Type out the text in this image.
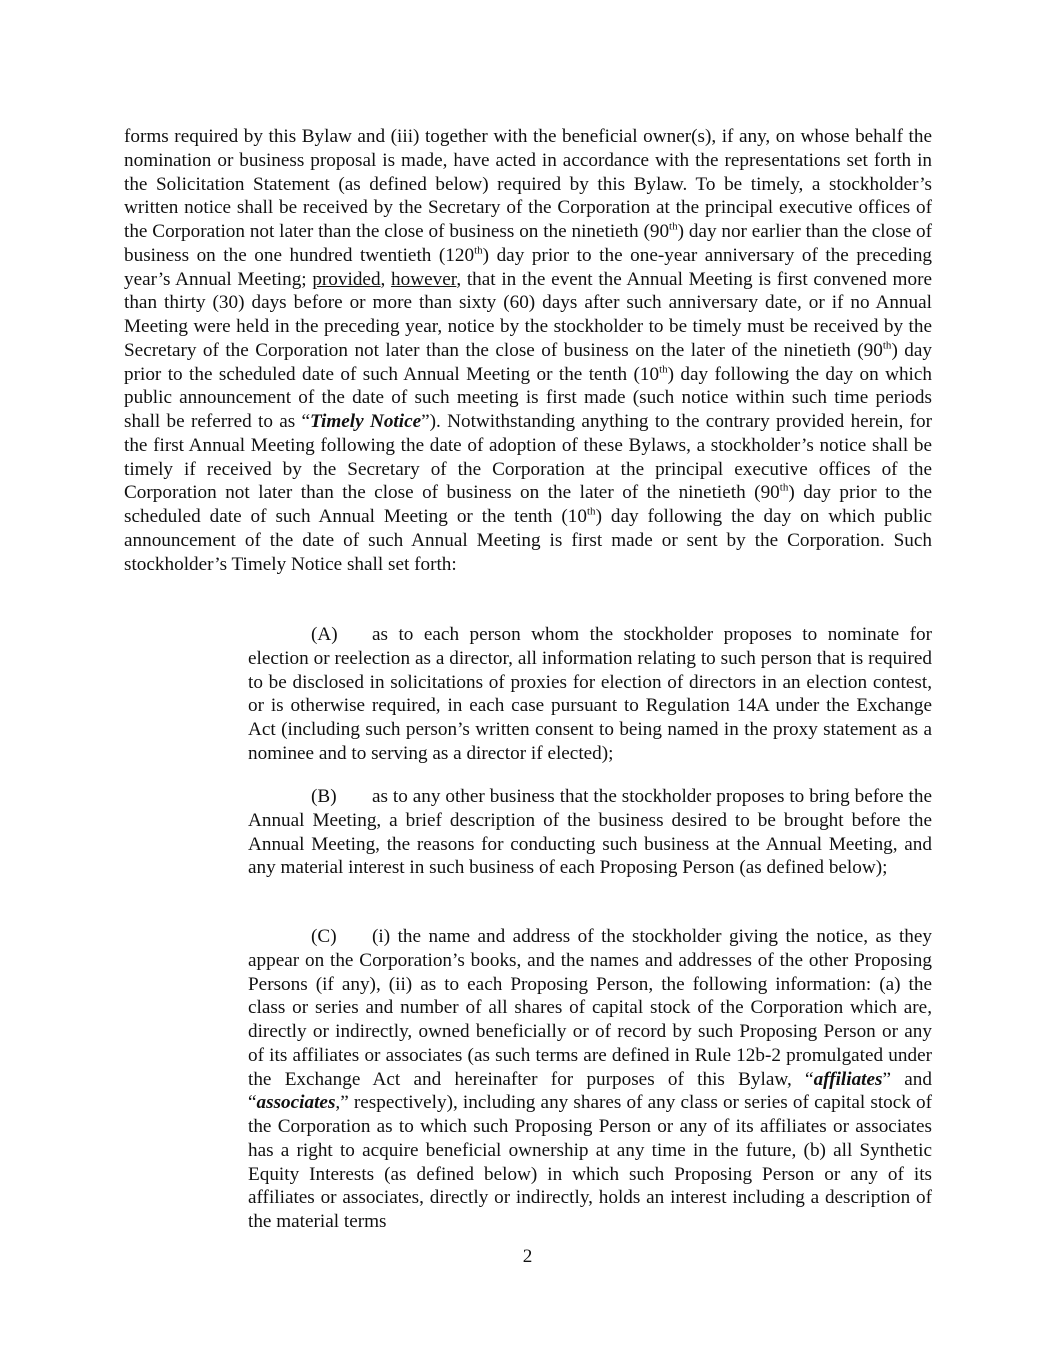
forms required by this Bylaw and (iii) together with the beneficial owner(s), if any, on whose behalf the nomination or business proposal is made, have acted in accordance with the representations set forth in the Solicitation Statement (as defined below) required by this Bylaw. To be timely, a stockholder’s written notice shall be received by the Secretary of the Corporation at the principal executive offices of the Corporation not later than the close of business on the ninetieth (90th) day nor earlier than the close of business on the one hundred twentieth (120th) day prior to the one-year anniversary of the preceding year’s Annual Meeting; provided, however, that in the event the Annual Meeting is first convened more than thirty (30) days before or more than sixty (60) days after such anniversary date, or if no Annual Meeting were held in the preceding year, notice by the stockholder to be timely must be received by the Secretary of the Corporation not later than the close of business on the later of the ninetieth (90th) day prior to the scheduled date of such Annual Meeting or the tenth (10th) day following the day on which public announcement of the date of such meeting is first made (such notice within such time periods shall be referred to as “Timely Notice”). Notwithstanding anything to the contrary provided herein, for the first Annual Meeting following the date of adoption of these Bylaws, a stockholder’s notice shall be timely if received by the Secretary of the Corporation at the principal executive offices of the Corporation not later than the close of business on the later of the ninetieth (90th) day prior to the scheduled date of such Annual Meeting or the tenth (10th) day following the day on which public announcement of the date of such Annual Meeting is first made or sent by the Corporation. Such stockholder’s Timely Notice shall set forth:

(A) as to each person whom the stockholder proposes to nominate for election or reelection as a director, all information relating to such person that is required to be disclosed in solicitations of proxies for election of directors in an election contest, or is otherwise required, in each case pursuant to Regulation 14A under the Exchange Act (including such person’s written consent to being named in the proxy statement as a nominee and to serving as a director if elected);

(B) as to any other business that the stockholder proposes to bring before the Annual Meeting, a brief description of the business desired to be brought before the Annual Meeting, the reasons for conducting such business at the Annual Meeting, and any material interest in such business of each Proposing Person (as defined below);

(C) (i) the name and address of the stockholder giving the notice, as they appear on the Corporation’s books, and the names and addresses of the other Proposing Persons (if any), (ii) as to each Proposing Person, the following information: (a) the class or series and number of all shares of capital stock of the Corporation which are, directly or indirectly, owned beneficially or of record by such Proposing Person or any of its affiliates or associates (as such terms are defined in Rule 12b-2 promulgated under the Exchange Act and hereinafter for purposes of this Bylaw, “affiliates” and “associates,” respectively), including any shares of any class or series of capital stock of the Corporation as to which such Proposing Person or any of its affiliates or associates has a right to acquire beneficial ownership at any time in the future, (b) all Synthetic Equity Interests (as defined below) in which such Proposing Person or any of its affiliates or associates, directly or indirectly, holds an interest including a description of the material terms

2
